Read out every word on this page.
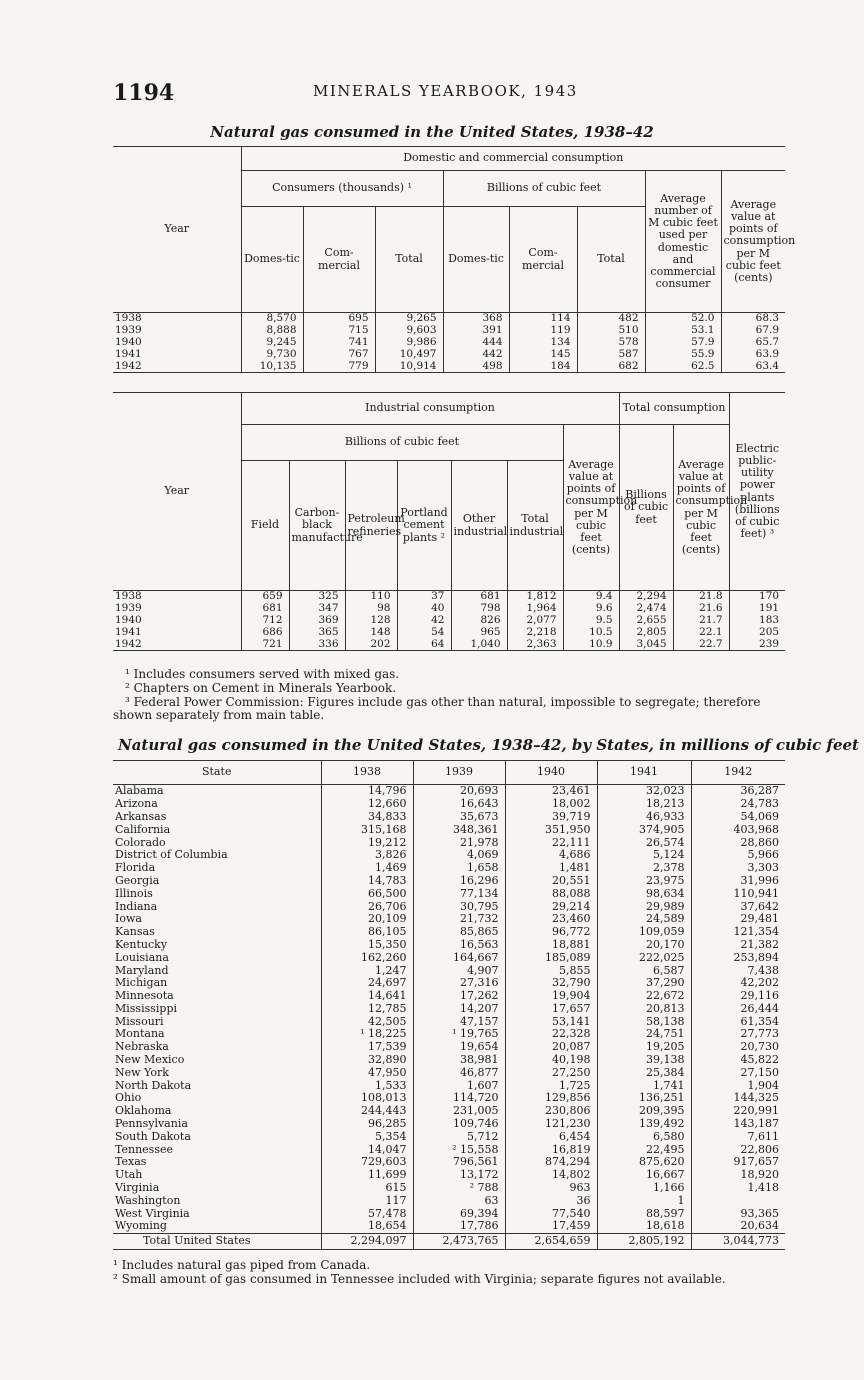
1194	MINERALS YEARBOOK, 1943
Natural gas consumed in the United States, 1938–42
Year	Domestic and commercial consumption							
	Consumers (thousands) ¹			Billions of cubic feet			Average number of M cubic feet used per domestic and commercial consumer	Average value at points of consumption per M cubic feet (cents)
	Domes-tic	Com-mercial	Total	Domes-tic	Com-mercial	Total		
1938	8,570	695	9,265	368	114	482	52.0	68.3
1939	8,888	715	9,603	391	119	510	53.1	67.9
1940	9,245	741	9,986	444	134	578	57.9	65.7
1941	9,730	767	10,497	442	145	587	55.9	63.9
1942	10,135	779	10,914	498	184	682	62.5	63.4
Year	Industrial consumption							Total consumption		Electric public-utility power plants (billions of cubic feet) ³
	Billions of cubic feet						Average value at points of consumption per M cubic feet (cents)	Billions of cubic feet	Average value at points of consumption per M cubic feet (cents)	
	Field	Carbon-black manufacture	Petroleum refineries	Portland cement plants ²	Other industrial	Total industrial				
1938	659	325	110	37	681	1,812	9.4	2,294	21.8	170
1939	681	347	98	40	798	1,964	9.6	2,474	21.6	191
1940	712	369	128	42	826	2,077	9.5	2,655	21.7	183
1941	686	365	148	54	965	2,218	10.5	2,805	22.1	205
1942	721	336	202	64	1,040	2,363	10.9	3,045	22.7	239
¹ Includes consumers served with mixed gas.
² Chapters on Cement in Minerals Yearbook.
³ Federal Power Commission: Figures include gas other than natural, impossible to segregate; therefore shown separately from main table.
Natural gas consumed in the United States, 1938–42, by States, in millions of cubic feet
State	1938	1939	1940	1941	1942
Alabama	14,796	20,693	23,461	32,023	36,287
Arizona	12,660	16,643	18,002	18,213	24,783
Arkansas	34,833	35,673	39,719	46,933	54,069
California	315,168	348,361	351,950	374,905	403,968
Colorado	19,212	21,978	22,111	26,574	28,860
District of Columbia	3,826	4,069	4,686	5,124	5,966
Florida	1,469	1,658	1,481	2,378	3,303
Georgia	14,783	16,296	20,551	23,975	31,996
Illinois	66,500	77,134	88,088	98,634	110,941
Indiana	26,706	30,795	29,214	29,989	37,642
Iowa	20,109	21,732	23,460	24,589	29,481
Kansas	86,105	85,865	96,772	109,059	121,354
Kentucky	15,350	16,563	18,881	20,170	21,382
Louisiana	162,260	164,667	185,089	222,025	253,894
Maryland	1,247	4,907	5,855	6,587	7,438
Michigan	24,697	27,316	32,790	37,290	42,202
Minnesota	14,641	17,262	19,904	22,672	29,116
Mississippi	12,785	14,207	17,657	20,813	26,444
Missouri	42,505	47,157	53,141	58,138	61,354
Montana	¹ 18,225	¹ 19,765	22,328	24,751	27,773
Nebraska	17,539	19,654	20,087	19,205	20,730
New Mexico	32,890	38,981	40,198	39,138	45,822
New York	47,950	46,877	27,250	25,384	27,150
North Dakota	1,533	1,607	1,725	1,741	1,904
Ohio	108,013	114,720	129,856	136,251	144,325
Oklahoma	244,443	231,005	230,806	209,395	220,991
Pennsylvania	96,285	109,746	121,230	139,492	143,187
South Dakota	5,354	5,712	6,454	6,580	7,611
Tennessee	14,047	² 15,558	16,819	22,495	22,806
Texas	729,603	796,561	874,294	875,620	917,657
Utah	11,699	13,172	14,802	16,667	18,920
Virginia	615	² 788	963	1,166	1,418
Washington	117	63	36	1	
West Virginia	57,478	69,394	77,540	88,597	93,365
Wyoming	18,654	17,786	17,459	18,618	20,634
Total United States	2,294,097	2,473,765	2,654,659	2,805,192	3,044,773
¹ Includes natural gas piped from Canada.
² Small amount of gas consumed in Tennessee included with Virginia; separate figures not available.
